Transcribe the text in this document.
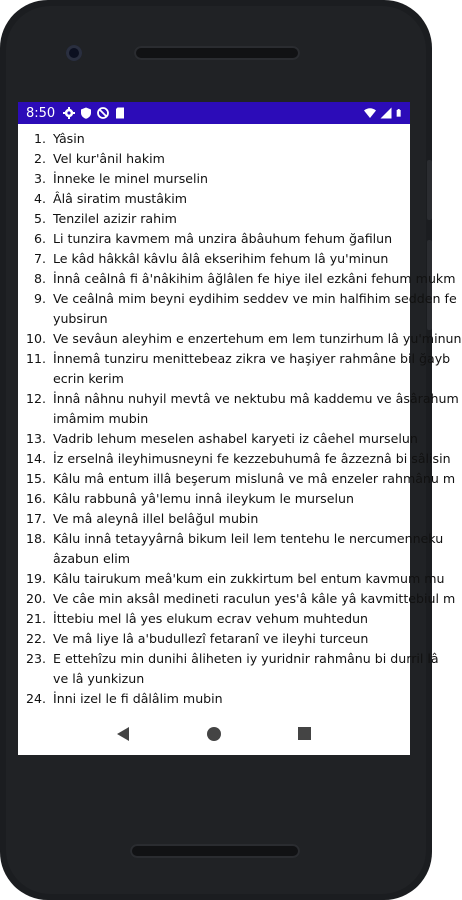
8:50
1. Yâsin
2. Vel kur'ânil hakim
3. İnneke le minel murselin
4. Âlâ siratim mustâkim
5. Tenzilel azizir rahim
6. Li tunzira kavmem mâ unzira âbâuhum fehum ğafilun
7. Le kâd hâkkâl kâvlu âlâ ekserihim fehum lâ yu'minun
8. İnnâ ceâlnâ fi â'nâkihim âğlâlen fe hiye ilel ezkâni fehum mukm
9. Ve ceâlnâ mim beyni eydihim seddev ve min halfihim sedden fe
yubsirun
10. Ve sevâun aleyhim e enzertehum em lem tunzirhum lâ yu'minun
11. İnnemâ tunziru menittebeaz zikra ve haşiyer rahmâne bil ğayb
ecrin kerim
12. İnnâ nâhnu nuhyil mevtâ ve nektubu mâ kaddemu ve âsârahum
imâmim mubin
13. Vadrib lehum meselen ashabel karyeti iz câehel murselun
14. İz erselnâ ileyhimusneyni fe kezzebuhumâ fe âzzeznâ bi sâlisin
15. Kâlu mâ entum illâ beşerum mislunâ ve mâ enzeler rahmânu m
16. Kâlu rabbunâ yâ'lemu innâ ileykum le murselun
17. Ve mâ aleynâ illel belâğul mubin
18. Kâlu innâ tetayyârnâ bikum leil lem tentehu le nercumenneku
âzabun elim
19. Kâlu tairukum meâ'kum ein zukkirtum bel entum kavmum mu
20. Ve câe min aksâl medineti raculun yes'â kâle yâ kavmittebiul m
21. İttebiu mel lâ yes elukum ecrav vehum muhtedun
22. Ve mâ liye lâ a'budullezî fetaranî ve ileyhi turceun
23. E ettehîzu min dunihi âliheten iy yuridnir rahmânu bi durril lâ
ve lâ yunkizun
24. İnni izel le fi dâlâlim mubin
